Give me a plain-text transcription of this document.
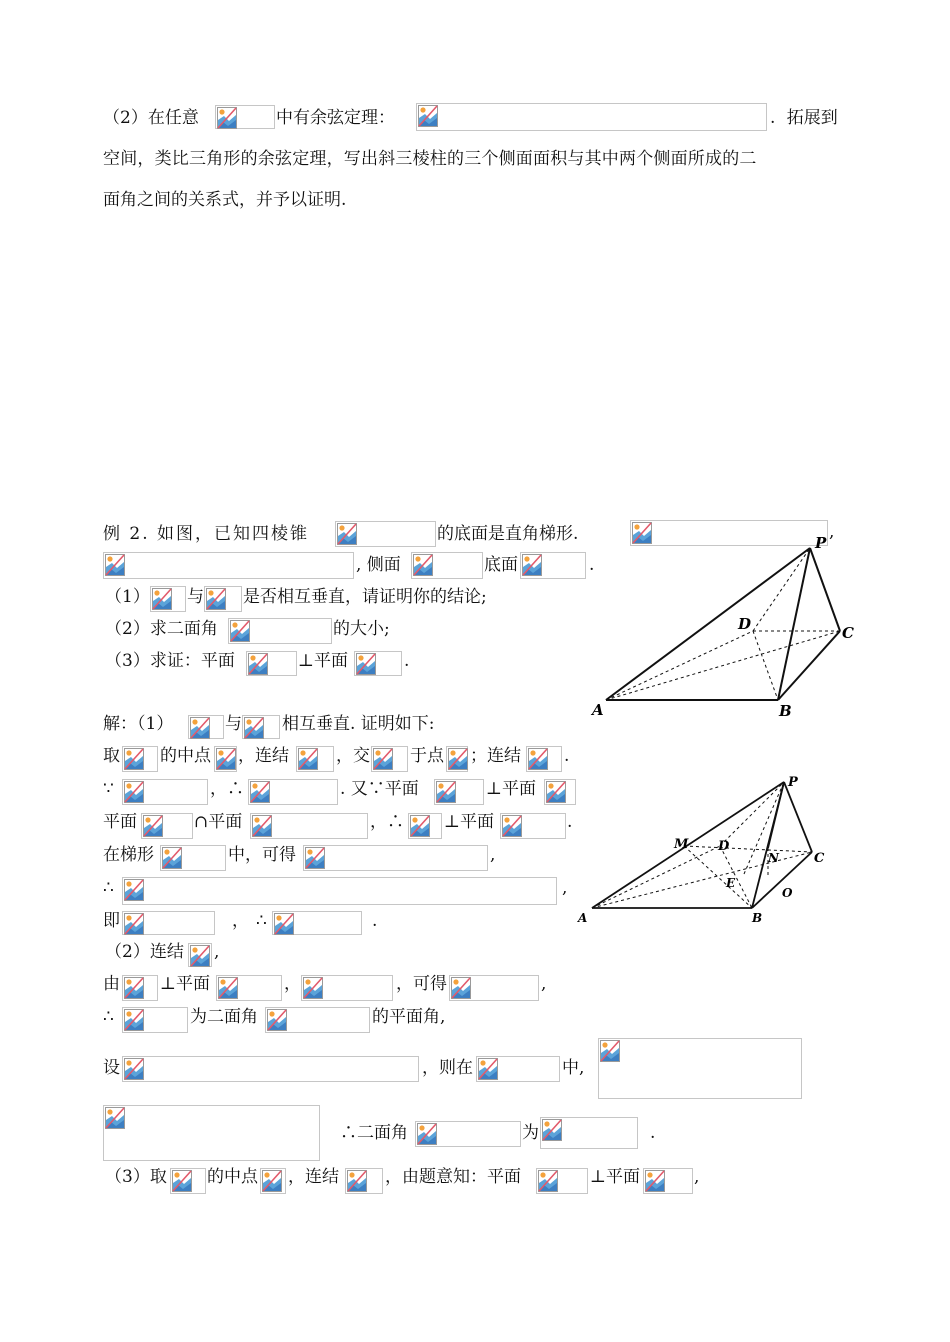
（2）在任意	中有余弦定理：	. 拓展到
空间，类比三角形的余弦定理，写出斜三棱柱的三个侧面面积与其中两个侧面所成的二
面角之间的关系式，并予以证明.
例 2. 如图，已知四棱锥	的底面是直角梯形.	,
, 侧面	底面	.
（1） 与 是否相互垂直，请证明你的结论;
（2）求二面角	的大小;
（3）求证：平面	⊥平面	.
P
D	C
A	B
解：（1）	与 相互垂直. 证明如下:
取 的中点 ，连结	，交 于点 ；连结	.
∵	，∴	. 又∵平面	⊥平面
平面	∩平面	，∴ ⊥平面	.
在梯形	中，可得	,
∴	,
即	， ∴	.
（2）连结 ,
由 ⊥平面	，	，可得	,
∴	为二面角	的平面角,
设	，则在	中,
∴二面角	为	.
（3）取 的中点 ，连结	，由题意知：平面	⊥平面	,
P
M D
N	C
E
O
A	B
